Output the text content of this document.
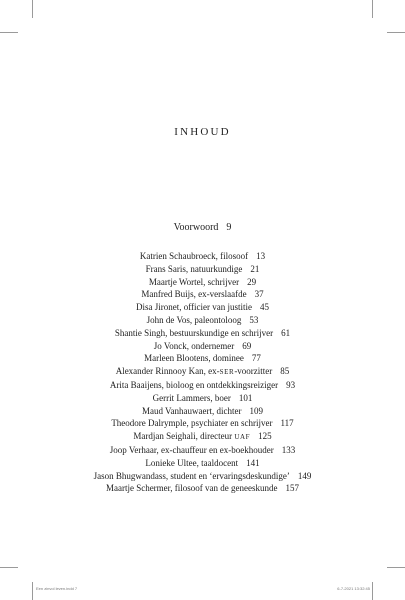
INHOUD
Voorwoord 9
Katrien Schaubroeck, filosoof 13
Frans Saris, natuurkundige 21
Maartje Wortel, schrijver 29
Manfred Buijs, ex-verslaafde 37
Disa Jironet, officier van justitie 45
John de Vos, paleontoloog 53
Shantie Singh, bestuurskundige en schrijver 61
Jo Vonck, ondernemer 69
Marleen Blootens, dominee 77
Alexander Rinnooy Kan, ex-SER-voorzitter 85
Arita Baaijens, bioloog en ontdekkingsreiziger 93
Gerrit Lammers, boer 101
Maud Vanhauwaert, dichter 109
Theodore Dalrymple, psychiater en schrijver 117
Mardjan Seighali, directeur UAF 125
Joop Verhaar, ex-chauffeur en ex-boekhouder 133
Lonieke Ultee, taaldocent 141
Jason Bhugwandass, student en ‘ervaringsdeskundige’ 149
Maartje Schermer, filosoof van de geneeskunde 157
Een zinvol leven.indd 7	6-7-2021 13:32:45
